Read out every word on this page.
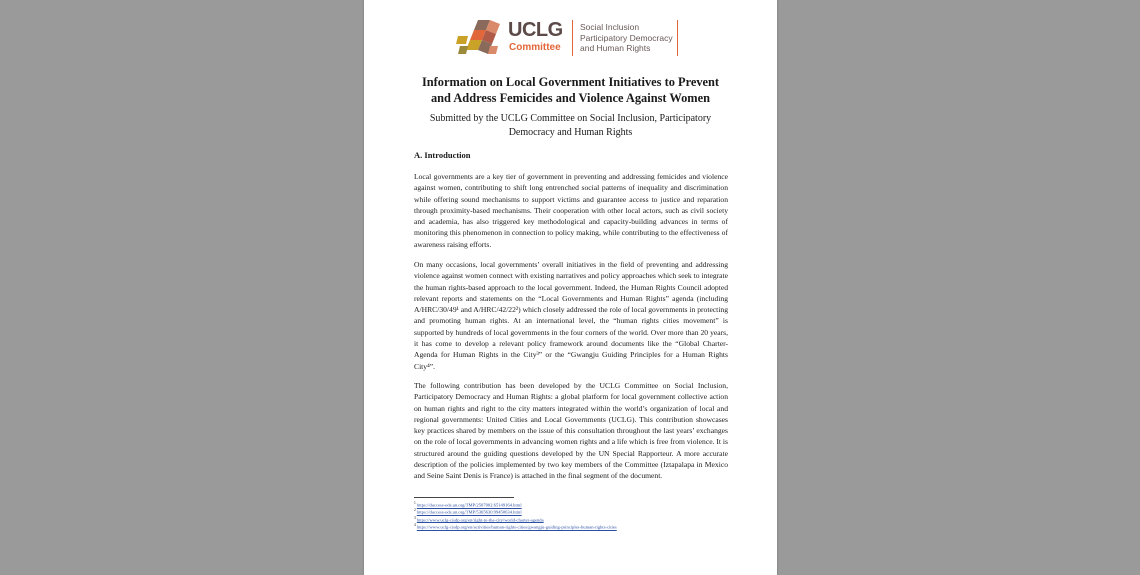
UCLG
Committee
Social Inclusion
Participatory Democracy
and Human Rights
Information on Local Government Initiatives to Prevent
and Address Femicides and Violence Against Women
Submitted by the UCLG Committee on Social Inclusion, Participatory
Democracy and Human Rights
A. Introduction

Local governments are a key tier of government in preventing and addressing femicides and violence against women, contributing to shift long entrenched social patterns of inequality and discrimination while offering sound mechanisms to support victims and guarantee access to justice and reparation through proximity-based mechanisms. Their cooperation with other local actors, such as civil society and academia, has also triggered key methodological and capacity-building advances in terms of monitoring this phenomenon in connection to policy making, while contributing to the effectiveness of awareness raising efforts.

On many occasions, local governments’ overall initiatives in the field of preventing and addressing violence against women connect with existing narratives and policy approaches which seek to integrate the human rights-based approach to the local government. Indeed, the Human Rights Council adopted relevant reports and statements on the “Local Governments and Human Rights” agenda (including A/HRC/30/49¹ and A/HRC/42/22²) which closely addressed the role of local governments in protecting and promoting human rights. At an international level, the “human rights cities movement” is supported by hundreds of local governments in the four corners of the world. Over more than 20 years, it has come to develop a relevant policy framework around documents like the “Global Charter-Agenda for Human Rights in the City³” or the “Gwangju Guiding Principles for a Human Rights City⁴”.

The following contribution has been developed by the UCLG Committee on Social Inclusion, Participatory Democracy and Human Rights: a global platform for local government collective action on human rights and right to the city matters integrated within the world’s organization of local and regional governments: United Cities and Local Governments (UCLG). This contribution showcases key practices shared by members on the issue of this consultation throughout the last years’ exchanges on the role of local governments in advancing women rights and a life which is free from violence. It is structured around the guiding questions developed by the UN Special Rapporteur. A more accurate description of the policies implemented by two key members of the Committee (Iztapalapa in Mexico and Seine Saint Denis is France) is attached in the final segment of the document.

$^1$https://daccess-ods.un.org/TMP/2507002.65149164.html
$^2$https://daccess-ods.un.org/TMP/5365630.99450634.html
$^3$https://www.uclg-cisdp.org/en/right-to-the-city/world-charter-agenda
$^4$https://www.uclg-cisdp.org/en/activities/human-rights-cities/gwangju-guiding-principles-human-rights-cities
